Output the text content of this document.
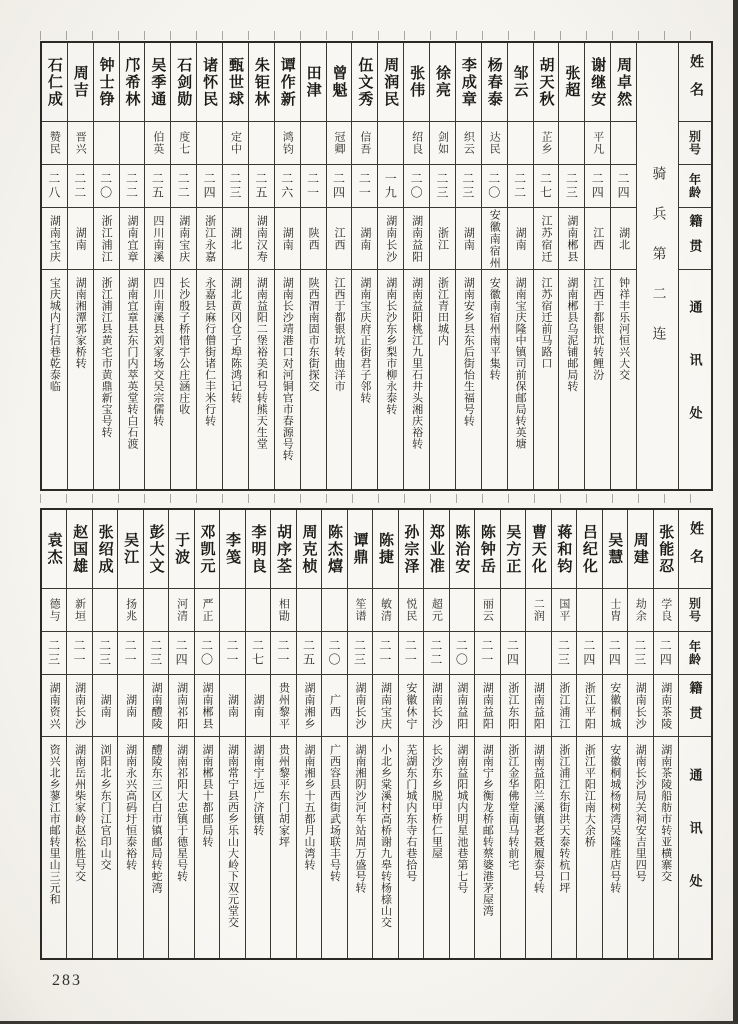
姓名
别号
年龄
籍贯
通讯处
骑兵第二连
周卓然
二四
湖北
钟祥丰乐河恒兴大交
谢继安
平凡
二四
江西
江西于都银坑转鲤汾
张超
二三
湖南郴县
湖南郴县乌泥铺邮局转
胡天秋
芷乡
二七
江苏宿迁
江苏宿迁前马路口
邹云
二二
湖南
湖南宝庆隆中镇司前保邮局转英塘
杨春泰
达民
二〇
安徽南宿州
安徽南宿州南平集转
李成章
织云
二三
湖南
湖南安乡县东后街怡生福号转
徐亮
剑如
二三
浙江
浙江青田城内
张伟
绍良
二〇
湖南益阳
湖南益阳桃江九里石井头湘庆裕转
周润民
一九
湖南长沙
湖南长沙东乡梨市柳永泰转
伍文秀
信吾
二一
湖南
湖南宝庆府正街君子邻转
曾魁
冠卿
二四
江西
江西于都银坑转曲洋市
田津
二一
陕西
陕西渭南固市东街探交
谭作新
鸿钧
二六
湖南
湖南长沙靖港口对河铜官市春源号转
朱钜林
二五
湖南汉寿
湖南益阳二堡裕美和号转熊天生堂
甄世球
定中
二三
湖北
湖北黄冈仓子埠陈鸿记转
诸怀民
二四
浙江永嘉
永嘉县麻行僧街诸仁丰米行转
石剑勋
度七
二二
湖南宝庆
长沙殷子桥惜宇公庄涵庄收
吴季通
伯英
二五
四川南溪
四川南溪县刘家场交吴宗儒转
邝希林
二二
湖南宜章
湖南宜章县东门内萃英堂转白石渡
钟士铮
二〇
浙江浦江
浙江浦江县黄宅市黄鼎新宝号转
周吉
晋兴
二二
湖南
湖南湘潭郭家桥转
石仁成
赞民
二八
湖南宝庆
宝庆城内打信巷乾泰临
姓名
别号
年龄
籍贯
通讯处
张能忍
学良
二四
湖南茶陵
湖南茶陵船舫市转亚横寨交
周建
劫余
二三
湖南长沙
湖南长沙局关祠安吉里四号
吴慧
士胄
二四
安徽桐城
安徽桐城杨树湾吴隆胜店号转
吕纪化
二四
浙江平阳
浙江平阳江南大余桥
蒋和钧
国平
二三
浙江浦江
浙江浦江东街洪天泰转杭口坪
曹天化
二润
湖南益阳
湖南益阳兰溪镇老聂履泰号转
吴方正
二四
浙江东阳
浙江金华佛堂南马转前宅
陈钟岳
丽云
二一
湖南益阳
湖南宁乡衡龙桥邮转蔡婆港茅屋湾
陈治安
二〇
湖南益阳
湖南益阳城内明星池巷第七号
郑业准
超元
二二
湖南长沙
长沙东乡脱甲桥仁里屋
孙宗泽
悦民
二一
安徽休宁
芜湖东门城内东寺右巷拾号
陈捷
敏清
二一
湖南宝庆
小北乡棠溪村高桥谢九皋转杨榇山交
谭鼎
笙谱
二三
湖南长沙
湖南湘阴沙河车站周万盛号转
陈杰熺
二〇
广西
广西容县西街武场联丰号转
周克桢
二五
湖南湘乡
湖南湘乡十五都月山湾转
胡序荃
相勖
二一
贵州黎平
贵州黎平东门胡家坪
李明良
二七
湖南
湖南宁远广济镇转
李笺
二一
湖南
湖南常宁县西乡乐山大岭下双元堂交
邓凯元
严正
二〇
湖南郴县
湖南郴县十都邮局转
于波
河清
二四
湖南祁阳
湖南祁阳大忠镇于德星号转
彭大文
二三
湖南醴陵
醴陵东三区白市镇邮局转蛇湾
吴江
扬兆
二一
湖南
湖南永兴高码圩恒泰裕转
张绍成
二三
湖南
浏阳北乡东门江官印山交
赵国雄
新垣
二一
湖南长沙
湖南岳州柴家岭赵松胜号交
袁杰
德与
二三
湖南资兴
资兴北乡蓼江市邮转里山三元和
283
